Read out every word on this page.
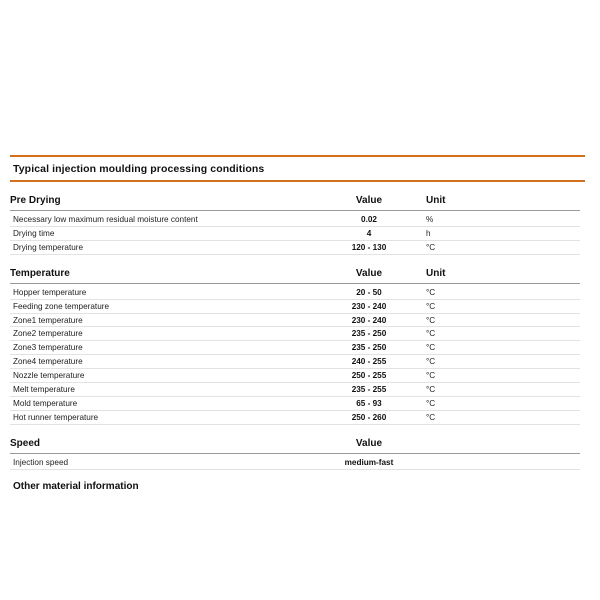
Typical injection moulding processing conditions
Pre Drying	Value	Unit
Necessary low maximum residual moisture content	0.02	%
Drying time	4	h
Drying temperature	120 - 130	°C
Temperature	Value	Unit
Hopper temperature	20 - 50	°C
Feeding zone temperature	230 - 240	°C
Zone1 temperature	230 - 240	°C
Zone2 temperature	235 - 250	°C
Zone3 temperature	235 - 250	°C
Zone4 temperature	240 - 255	°C
Nozzle temperature	250 - 255	°C
Melt temperature	235 - 255	°C
Mold temperature	65 - 93	°C
Hot runner temperature	250 - 260	°C
Speed	Value	
Injection speed	medium-fast	
Other material information
